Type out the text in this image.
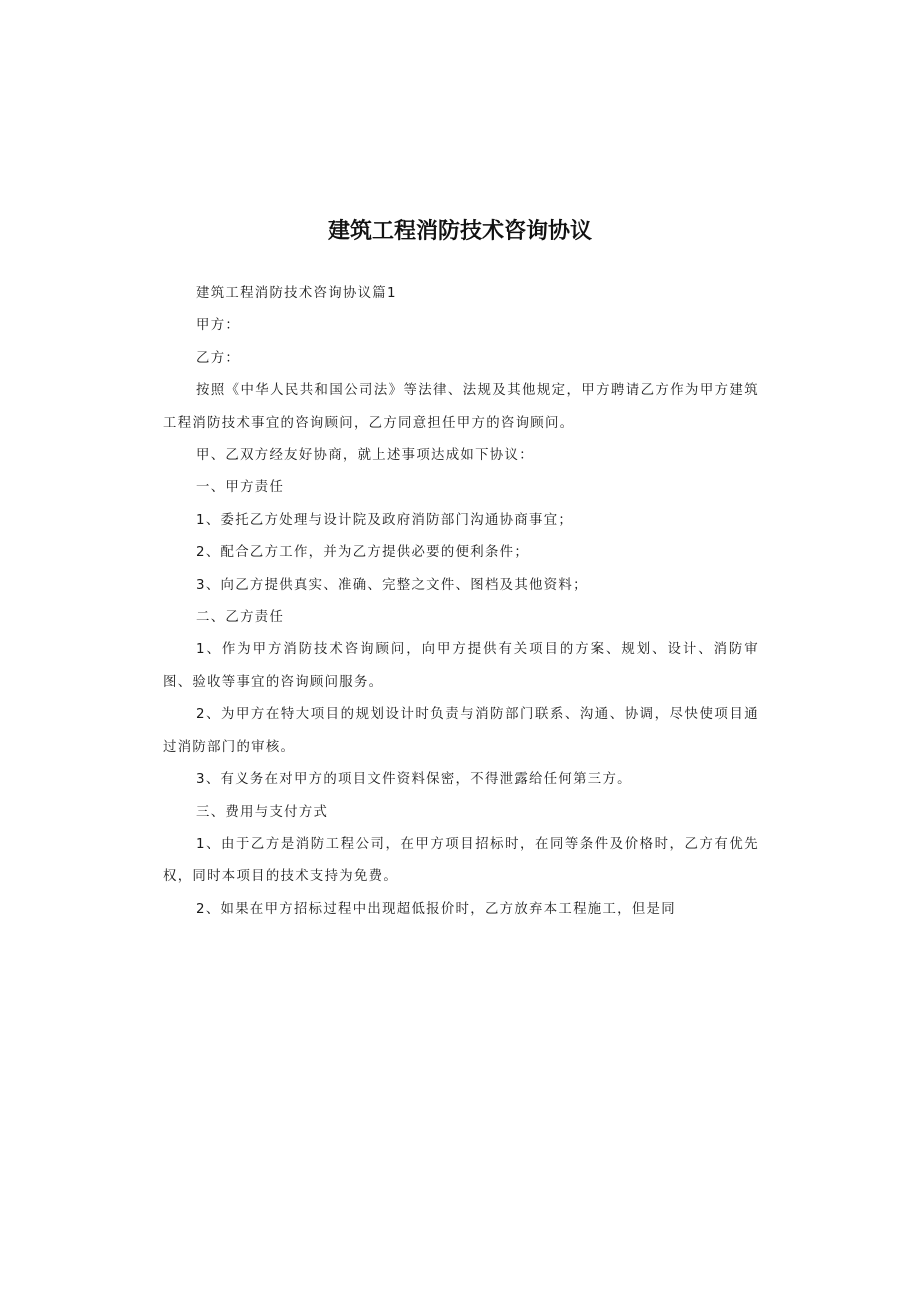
建筑工程消防技术咨询协议

建筑工程消防技术咨询协议篇1

甲方：

乙方：

按照《中华人民共和国公司法》等法律、法规及其他规定，甲方聘请乙方作为甲方建筑工程消防技术事宜的咨询顾问，乙方同意担任甲方的咨询顾问。

甲、乙双方经友好协商，就上述事项达成如下协议：

一、甲方责任

1、委托乙方处理与设计院及政府消防部门沟通协商事宜；

2、配合乙方工作，并为乙方提供必要的便利条件；

3、向乙方提供真实、准确、完整之文件、图档及其他资料；

二、乙方责任

1、作为甲方消防技术咨询顾问，向甲方提供有关项目的方案、规划、设计、消防审图、验收等事宜的咨询顾问服务。

2、为甲方在特大项目的规划设计时负责与消防部门联系、沟通、协调，尽快使项目通过消防部门的审核。

3、有义务在对甲方的项目文件资料保密，不得泄露给任何第三方。

三、费用与支付方式

1、由于乙方是消防工程公司，在甲方项目招标时，在同等条件及价格时，乙方有优先权，同时本项目的技术支持为免费。

2、如果在甲方招标过程中出现超低报价时，乙方放弃本工程施工，但是同
